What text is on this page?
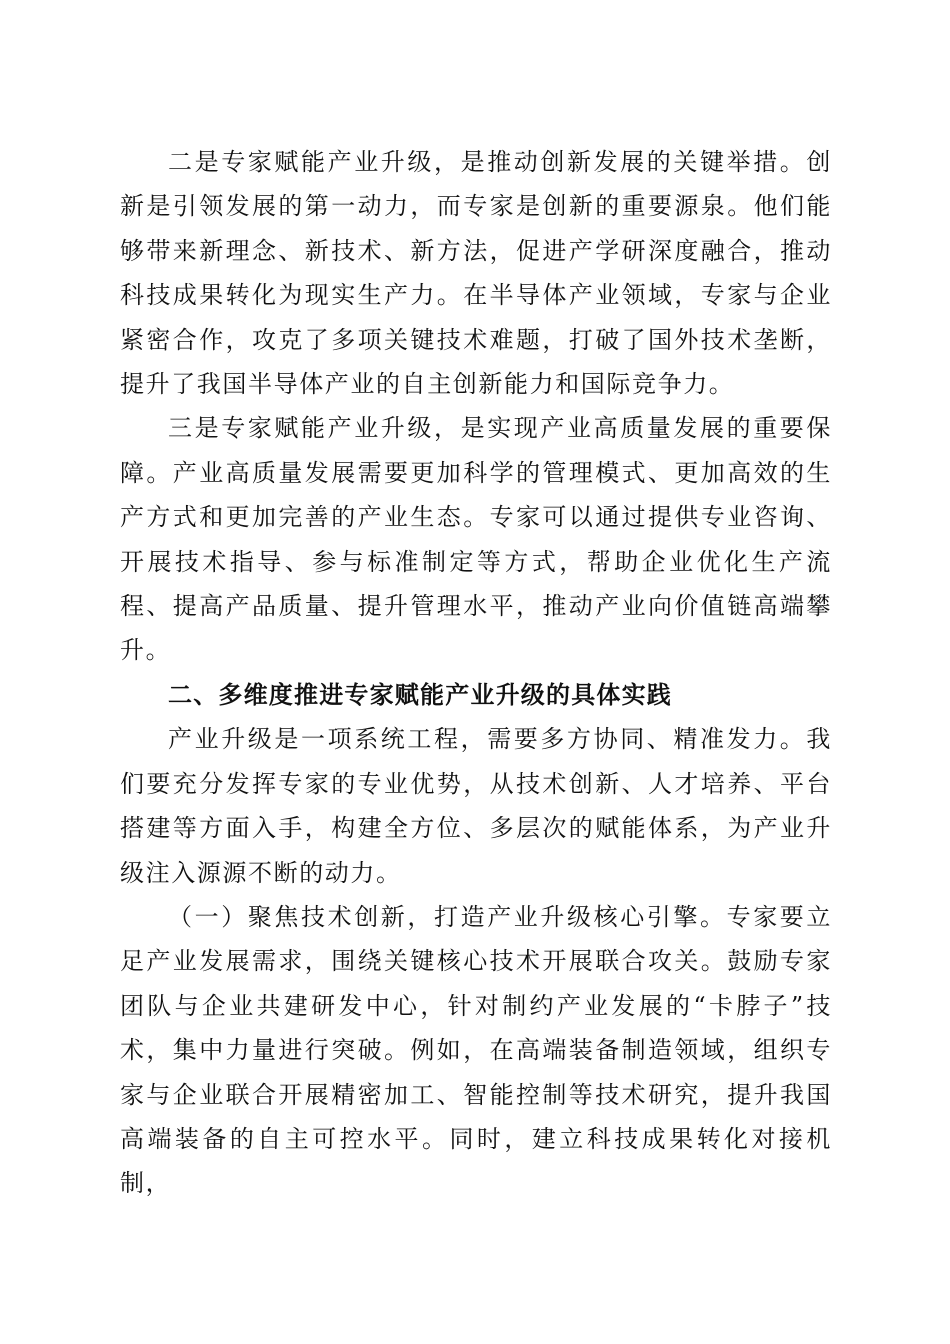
二是专家赋能产业升级，是推动创新发展的关键举措。创新是引领发展的第一动力，而专家是创新的重要源泉。他们能够带来新理念、新技术、新方法，促进产学研深度融合，推动科技成果转化为现实生产力。在半导体产业领域，专家与企业紧密合作，攻克了多项关键技术难题，打破了国外技术垄断，提升了我国半导体产业的自主创新能力和国际竞争力。

三是专家赋能产业升级，是实现产业高质量发展的重要保障。产业高质量发展需要更加科学的管理模式、更加高效的生产方式和更加完善的产业生态。专家可以通过提供专业咨询、开展技术指导、参与标准制定等方式，帮助企业优化生产流程、提高产品质量、提升管理水平，推动产业向价值链高端攀升。

二、多维度推进专家赋能产业升级的具体实践

产业升级是一项系统工程，需要多方协同、精准发力。我们要充分发挥专家的专业优势，从技术创新、人才培养、平台搭建等方面入手，构建全方位、多层次的赋能体系，为产业升级注入源源不断的动力。

（一）聚焦技术创新，打造产业升级核心引擎。专家要立足产业发展需求，围绕关键核心技术开展联合攻关。鼓励专家团队与企业共建研发中心，针对制约产业发展的“卡脖子”技术，集中力量进行突破。例如，在高端装备制造领域，组织专家与企业联合开展精密加工、智能控制等技术研究，提升我国高端装备的自主可控水平。同时，建立科技成果转化对接机制，
